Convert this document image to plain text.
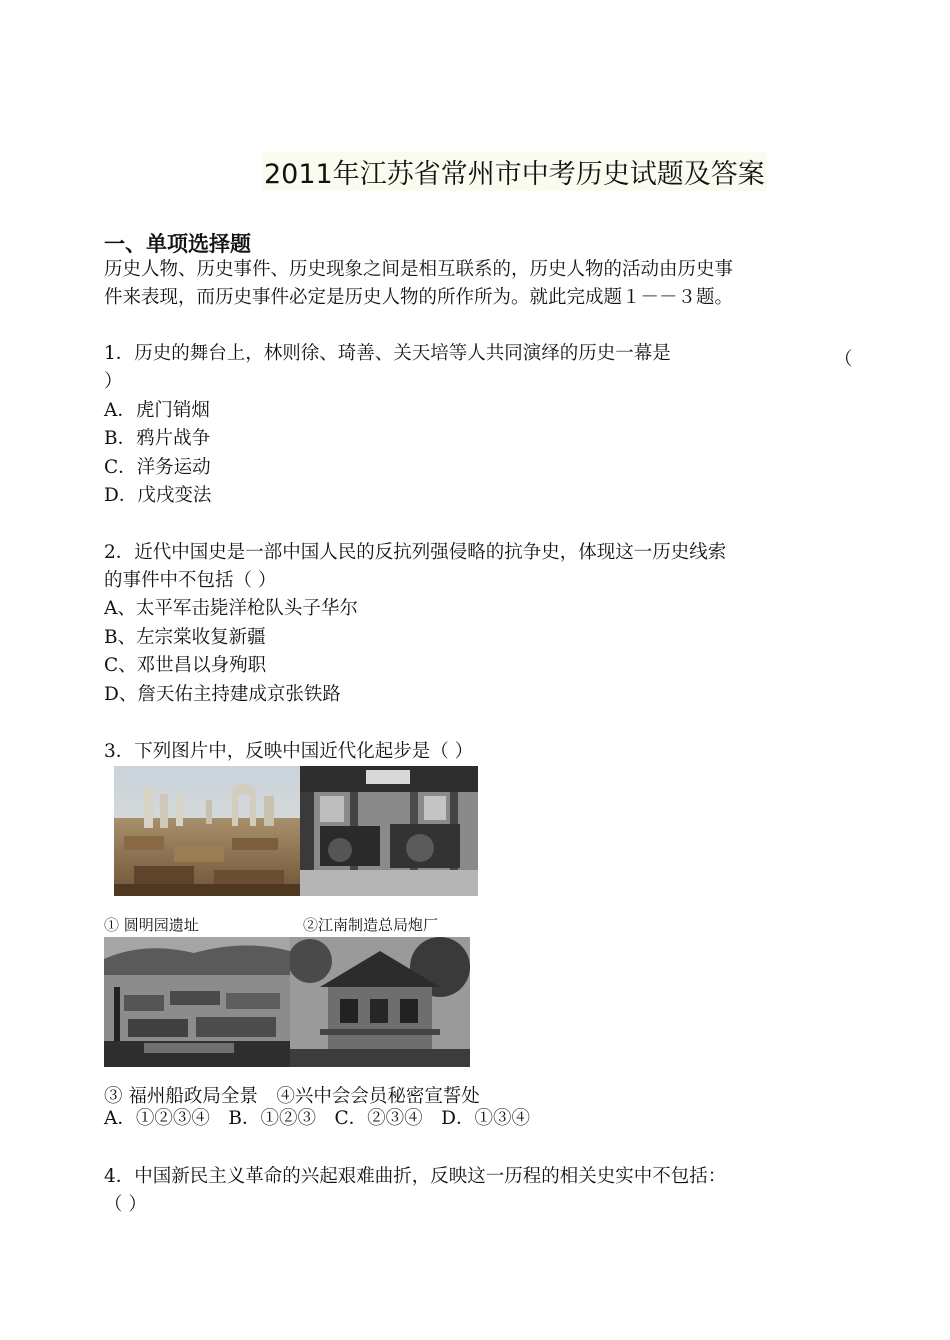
2011年江苏省常州市中考历史试题及答案
一、单项选择题
历史人物、历史事件、历史现象之间是相互联系的，历史人物的活动由历史事
件来表现，而历史事件必定是历史人物的所作所为。就此完成题１－－３题。
1．历史的舞台上，林则徐、琦善、关天培等人共同演绎的历史一幕是	（
）
A．虎门销烟
B．鸦片战争
C．洋务运动
D．戊戌变法
2．近代中国史是一部中国人民的反抗列强侵略的抗争史，体现这一历史线索
的事件中不包括（ ）
A、太平军击毙洋枪队头子华尔
B、左宗棠收复新疆
C、邓世昌以身殉职
D、詹天佑主持建成京张铁路
3．下列图片中，反映中国近代化起步是（ ）
① 圆明园遗址	②江南制造总局炮厂
③ 福州船政局全景　④兴中会会员秘密宣誓处
A．①②③④　B．①②③　C．②③④　D．①③④
4．中国新民主义革命的兴起艰难曲折，反映这一历程的相关史实中不包括：
（ ）
